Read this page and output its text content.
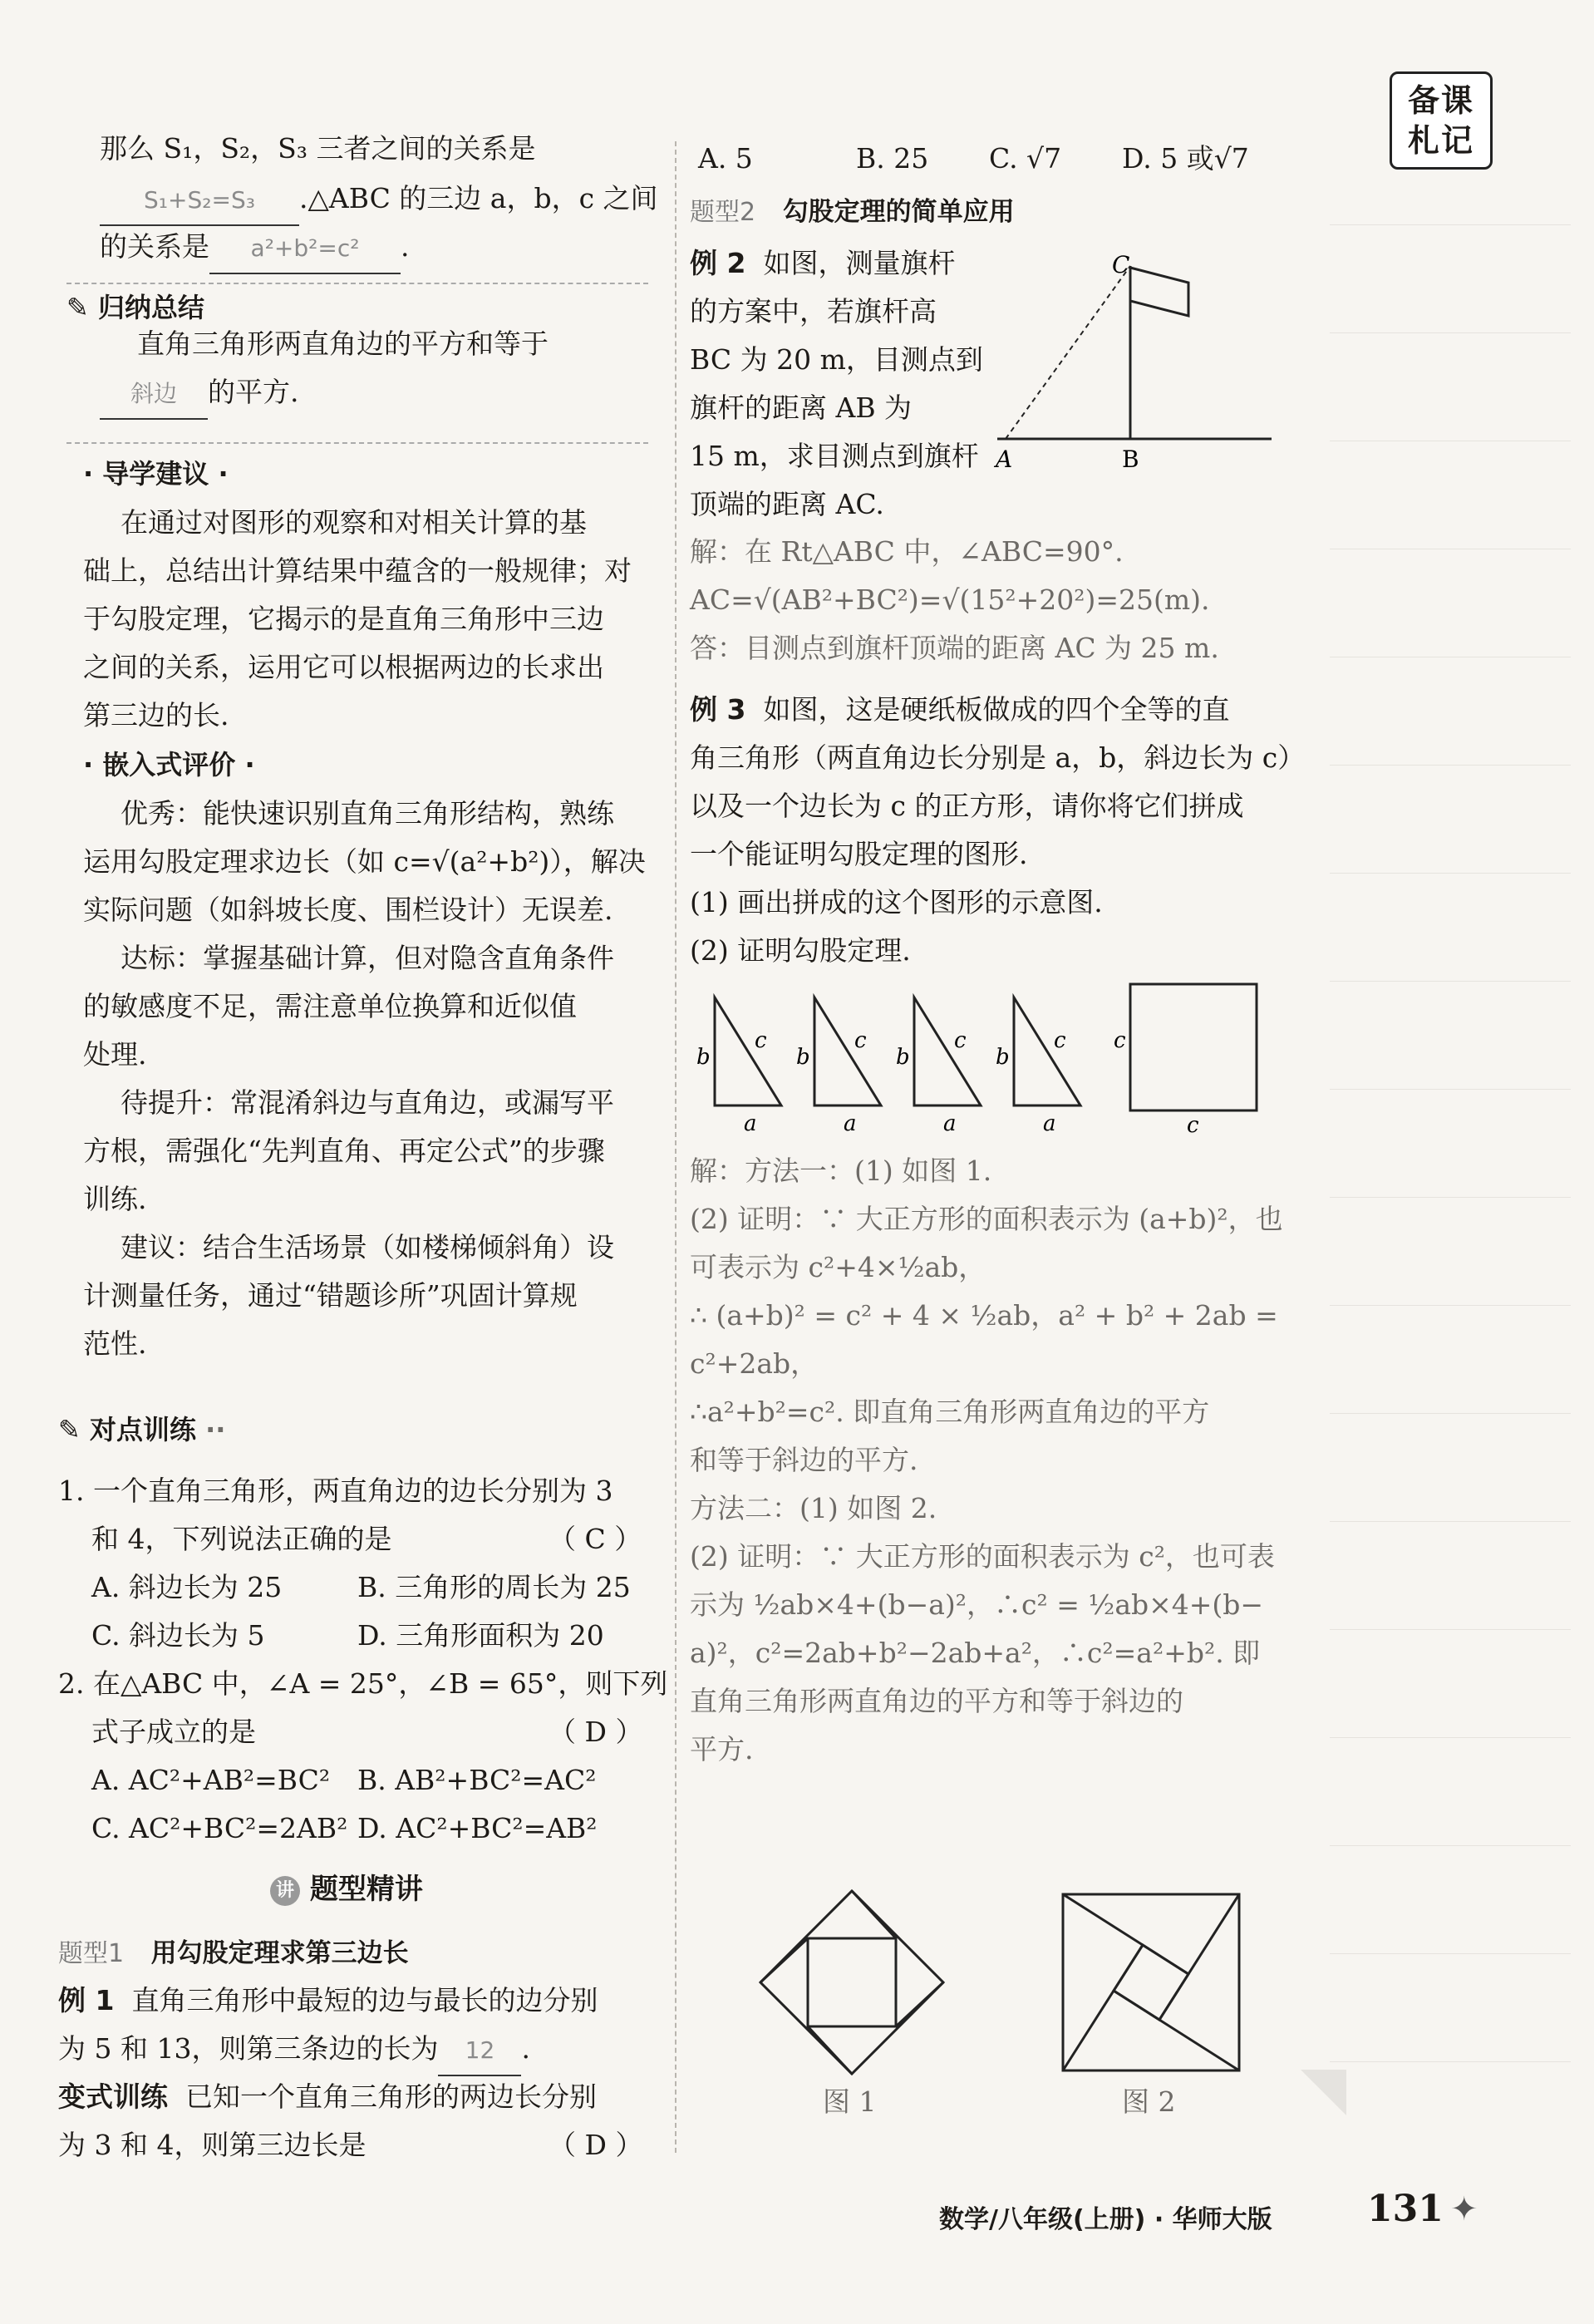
备课札记
那么 S₁，S₂，S₃ 三者之间的关系是
S₁+S₂=S₃ .△ABC 的三边 a，b，c 之间
的关系是 a²+b²=c² .
✎ 归纳总结
直角三角形两直角边的平方和等于
斜边 的平方.
· 导学建议 ·
在通过对图形的观察和对相关计算的基
础上，总结出计算结果中蕴含的一般规律；对
于勾股定理，它揭示的是直角三角形中三边
之间的关系，运用它可以根据两边的长求出
第三边的长.
· 嵌入式评价 ·
优秀：能快速识别直角三角形结构，熟练
运用勾股定理求边长（如 c=√(a²+b²)），解决
实际问题（如斜坡长度、围栏设计）无误差.
达标：掌握基础计算，但对隐含直角条件
的敏感度不足，需注意单位换算和近似值
处理.
待提升：常混淆斜边与直角边，或漏写平
方根，需强化“先判直角、再定公式”的步骤
训练.
建议：结合生活场景（如楼梯倾斜角）设
计测量任务，通过“错题诊所”巩固计算规
范性.
✎ 对点训练 ··
1. 一个直角三角形，两直角边的边长分别为 3
和 4，下列说法正确的是	（ C ）
A. 斜边长为 25	B. 三角形的周长为 25
C. 斜边长为 5	D. 三角形面积为 20
2. 在△ABC 中，∠A = 25°，∠B = 65°，则下列
式子成立的是	（ D ）
A. AC²+AB²=BC² B. AB²+BC²=AC²
C. AC²+BC²=2AB² D. AC²+BC²=AB²
讲 题型精讲
题型1 用勾股定理求第三边长
例 1 直角三角形中最短的边与最长的边分别
为 5 和 13，则第三条边的长为 12 .
变式训练 已知一个直角三角形的两边长分别
为 3 和 4，则第三边长是	（ D ）
A. 5	B. 25 C. √7 D. 5 或√7
题型2 勾股定理的简单应用
例 2 如图，测量旗杆
的方案中，若旗杆高
BC 为 20 m，目测点到
旗杆的距离 AB 为
15 m，求目测点到旗杆
顶端的距离 AC.
C
A	B
解：在 Rt△ABC 中，∠ABC=90°.
AC=√(AB²+BC²)=√(15²+20²)=25(m).
答：目测点到旗杆顶端的距离 AC 为 25 m.
例 3 如图，这是硬纸板做成的四个全等的直
角三角形（两直角边长分别是 a，b，斜边长为 c）
以及一个边长为 c 的正方形，请你将它们拼成
一个能证明勾股定理的图形.
(1) 画出拼成的这个图形的示意图.
(2) 证明勾股定理.
b
c
a
b
c
a
b
c
a
b
c
a
c
c
解：方法一：(1) 如图 1.
(2) 证明：∵ 大正方形的面积表示为 (a+b)²，也
可表示为 c²+4×½ab，
∴ (a+b)² = c² + 4 × ½ab，a² + b² + 2ab =
c²+2ab，
∴a²+b²=c². 即直角三角形两直角边的平方
和等于斜边的平方.
方法二：(1) 如图 2.
(2) 证明：∵ 大正方形的面积表示为 c²，也可表
示为 ½ab×4+(b−a)²，∴c² = ½ab×4+(b−
a)²，c²=2ab+b²−2ab+a²，∴c²=a²+b². 即
直角三角形两直角边的平方和等于斜边的
平方.
图 1	图 2
数学/八年级(上册) · 华师大版	131 ✦
